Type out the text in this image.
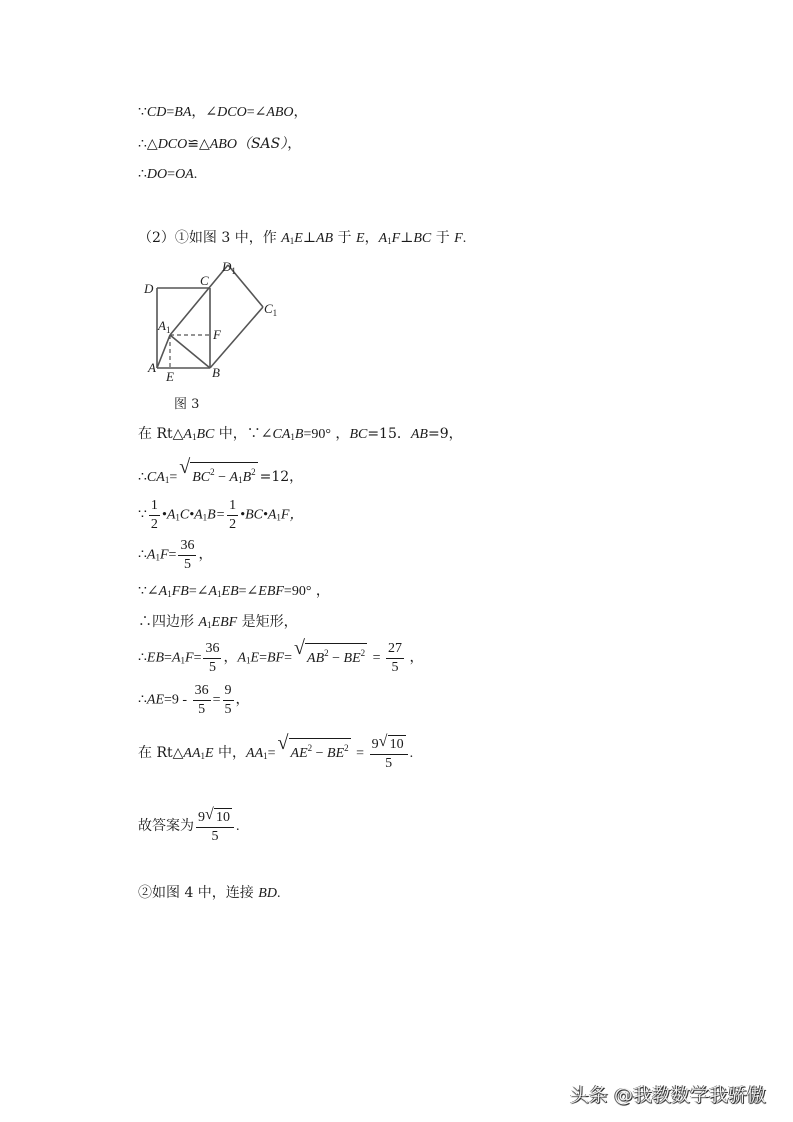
∵CD=BA，∠DCO=∠ABO，
∴△DCO≌△ABO（SAS），
∴DO=OA.
（2）①如图 3 中，作 $A_1E\perp AB$ 于 E，$A_1F\perp BC$ 于 F.
D
C
$D_1$
$C_1$
$A_1$	F
A
E	B
图 3
在 $Rt\triangle A_1BC$ 中，$\because\angle CA_1B=90^\circ$ ，BC=15．AB=9，
$\therefore CA_1=$ √ $BC^2 - A_1B^2 =12$，
∵ $\frac{1}{2}$ $•A_1C•A_1B= \frac{1}{2}$ $•BC•A_1F$，
$\therefore A_1F= \frac{36}{5}$ ，
$\because\angle A_1FB=\angle A_1EB=\angle EBF=90^\circ$ ，
∴四边形 $A_1EBF$ 是矩形，
$\therefore EB=A_1F= \frac{36}{5}$ ，$A_1E=BF=$ √ $AB^2 - BE^2 = \frac{27}{5}$ ，
∴AE=9 - $\frac{36}{5} = \frac{9}{5}$ ，
在 $Rt\triangle AA_1E$ 中，$AA_1=$ √ $AE^2 - BE^2 = \frac{9 √ 10}{5}$ .
故答案为 $\frac{9 √ 10}{5}$ .
②如图 4 中，连接 BD.
头条 @我教数学我骄傲
